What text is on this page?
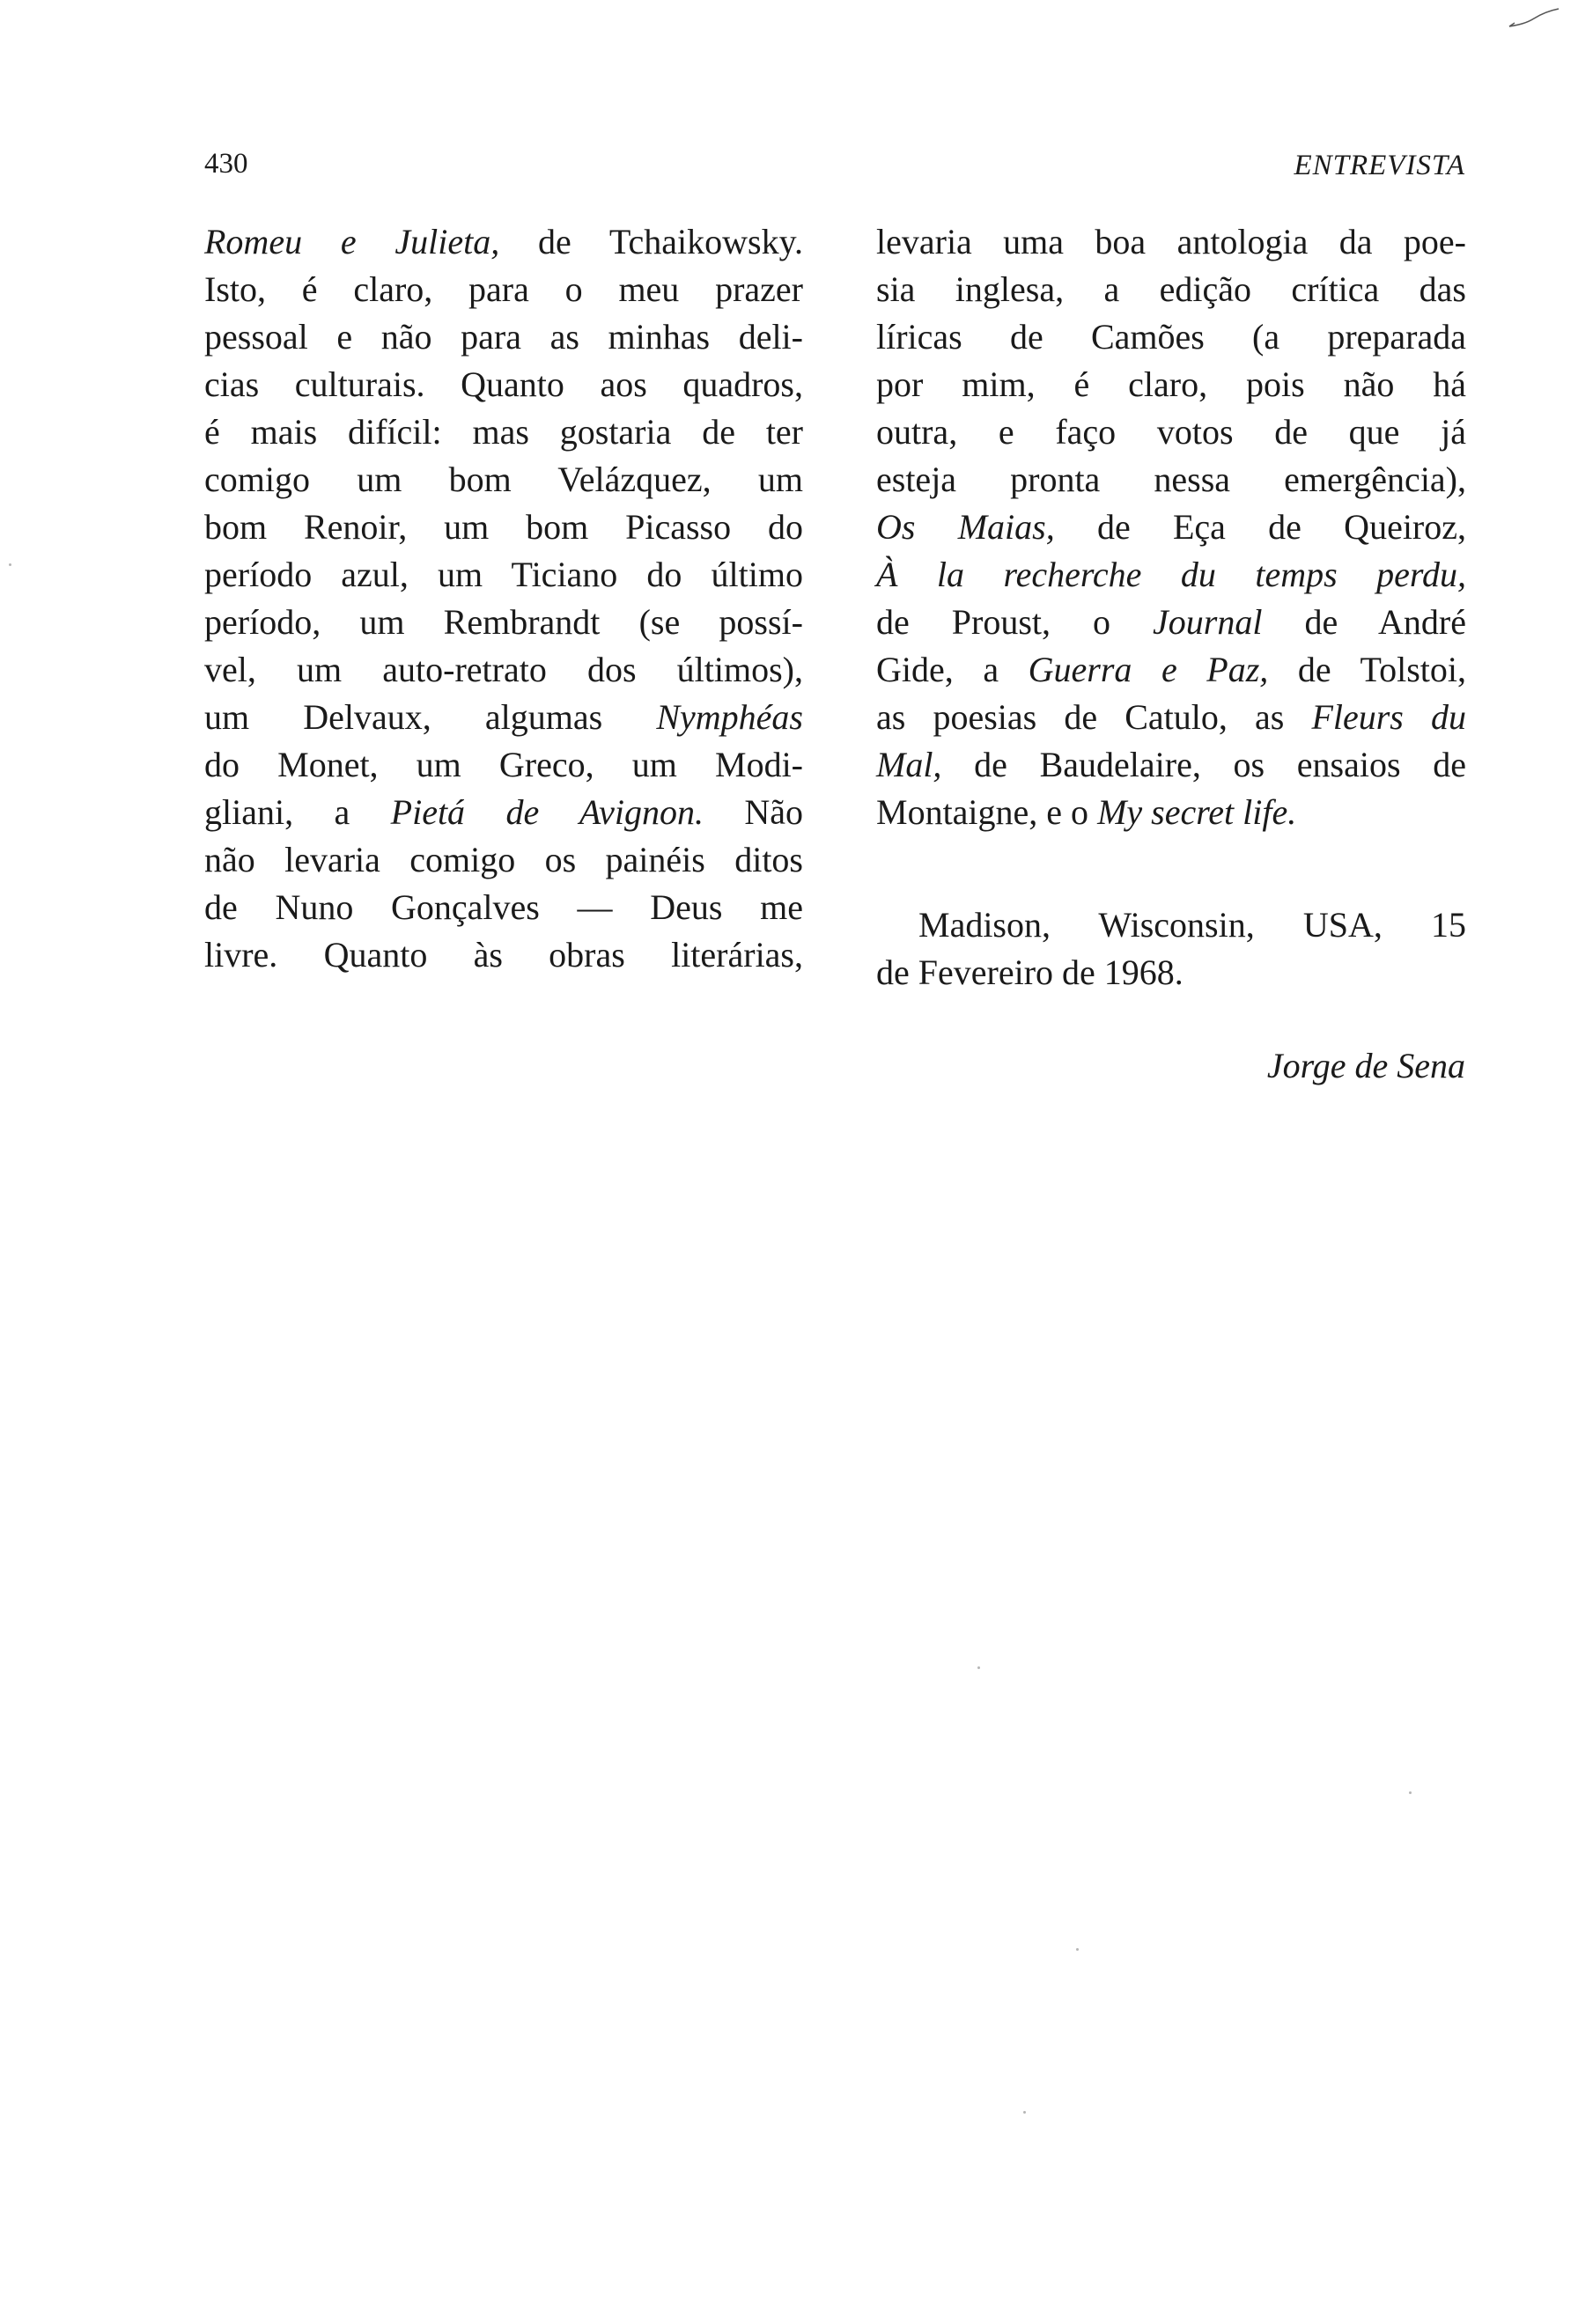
430	ENTREVISTA
Romeu e Julieta, de Tchaikowsky.
Isto, é claro, para o meu prazer
pessoal e não para as minhas deli-
cias culturais. Quanto aos quadros,
é mais difícil: mas gostaria de ter
comigo um bom Velázquez, um
bom Renoir, um bom Picasso do
período azul, um Ticiano do último
período, um Rembrandt (se possí-
vel, um auto-retrato dos últimos),
um Delvaux, algumas Nymphéas
do Monet, um Greco, um Modi-
gliani, a Pietá de Avignon. Não
não levaria comigo os painéis ditos
de Nuno Gonçalves — Deus me
livre. Quanto às obras literárias,
levaria uma boa antologia da poe-
sia inglesa, a edição crítica das
líricas de Camões (a preparada
por mim, é claro, pois não há
outra, e faço votos de que já
esteja pronta nessa emergência),
Os Maias, de Eça de Queiroz,
À la recherche du temps perdu,
de Proust, o Journal de André
Gide, a Guerra e Paz, de Tolstoi,
as poesias de Catulo, as Fleurs du
Mal, de Baudelaire, os ensaios de
Montaigne, e o My secret life.
Madison, Wisconsin, USA, 15
de Fevereiro de 1968.
Jorge de Sena
